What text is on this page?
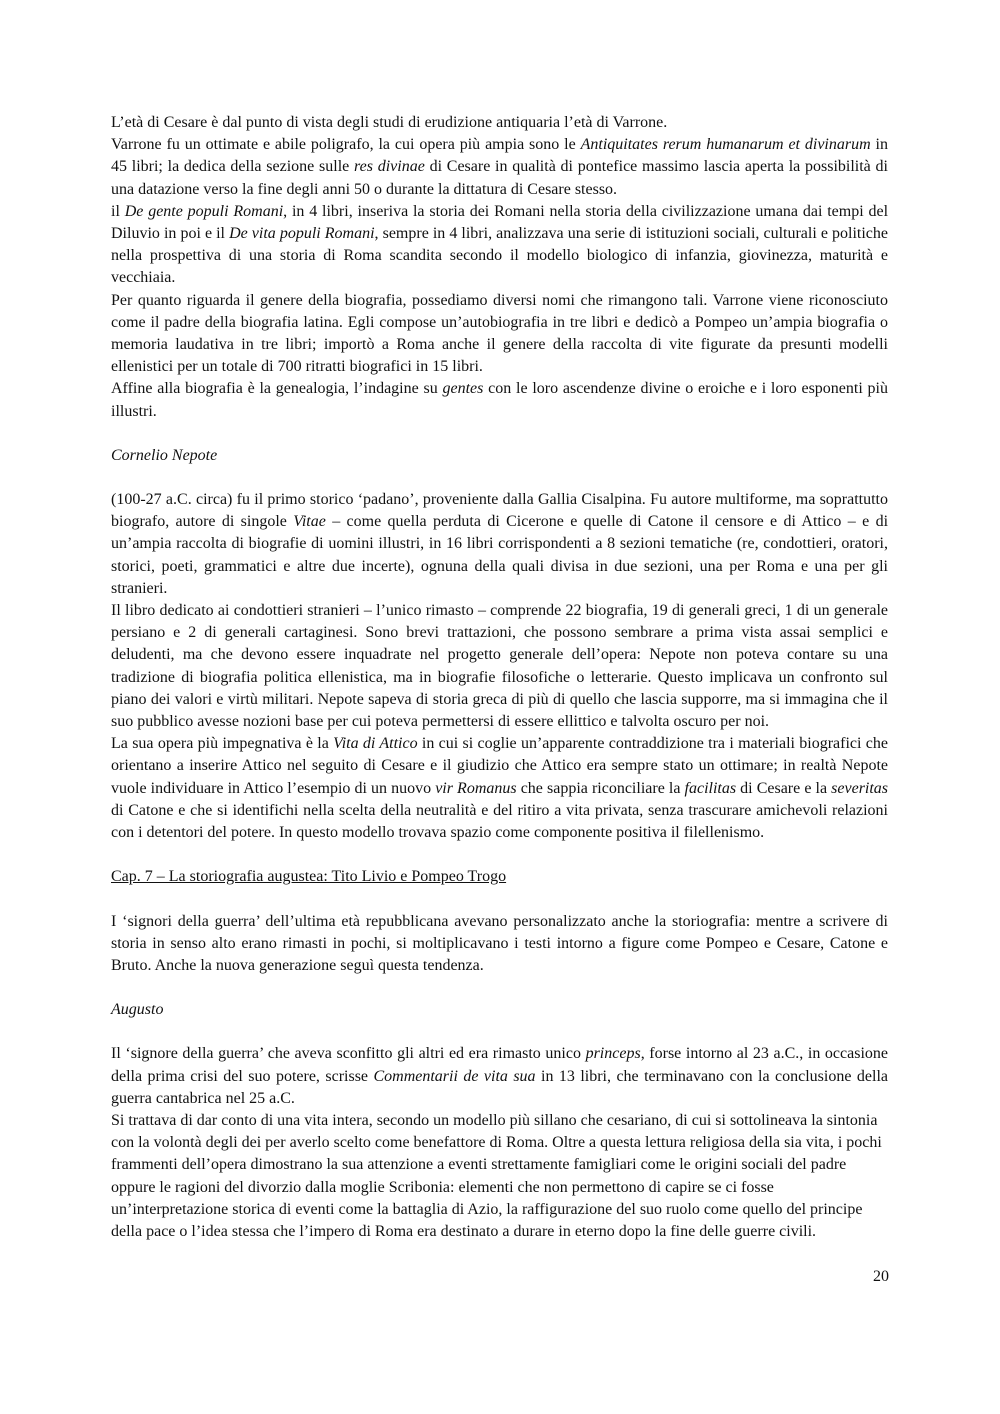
L’età di Cesare è dal punto di vista degli studi di erudizione antiquaria l’età di Varrone.

Varrone fu un ottimate e abile poligrafo, la cui opera più ampia sono le Antiquitates rerum humanarum et divinarum in 45 libri; la dedica della sezione sulle res divinae di Cesare in qualità di pontefice massimo lascia aperta la possibilità di una datazione verso la fine degli anni 50 o durante la dittatura di Cesare stesso.

il De gente populi Romani, in 4 libri, inseriva la storia dei Romani nella storia della civilizzazione umana dai tempi del Diluvio in poi e il De vita populi Romani, sempre in 4 libri, analizzava una serie di istituzioni sociali, culturali e politiche nella prospettiva di una storia di Roma scandita secondo il modello biologico di infanzia, giovinezza, maturità e vecchiaia.

Per quanto riguarda il genere della biografia, possediamo diversi nomi che rimangono tali. Varrone viene riconosciuto come il padre della biografia latina. Egli compose un’autobiografia in tre libri e dedicò a Pompeo un’ampia biografia o memoria laudativa in tre libri; importò a Roma anche il genere della raccolta di vite figurate da presunti modelli ellenistici per un totale di 700 ritratti biografici in 15 libri.

Affine alla biografia è la genealogia, l’indagine su gentes con le loro ascendenze divine o eroiche e i loro esponenti più illustri.

Cornelio Nepote

(100-27 a.C. circa) fu il primo storico ‘padano’, proveniente dalla Gallia Cisalpina. Fu autore multiforme, ma soprattutto biografo, autore di singole Vitae – come quella perduta di Cicerone e quelle di Catone il censore e di Attico – e di un’ampia raccolta di biografie di uomini illustri, in 16 libri corrispondenti a 8 sezioni tematiche (re, condottieri, oratori, storici, poeti, grammatici e altre due incerte), ognuna della quali divisa in due sezioni, una per Roma e una per gli stranieri.

Il libro dedicato ai condottieri stranieri – l’unico rimasto – comprende 22 biografia, 19 di generali greci, 1 di un generale persiano e 2 di generali cartaginesi. Sono brevi trattazioni, che possono sembrare a prima vista assai semplici e deludenti, ma che devono essere inquadrate nel progetto generale dell’opera: Nepote non poteva contare su una tradizione di biografia politica ellenistica, ma in biografie filosofiche o letterarie. Questo implicava un confronto sul piano dei valori e virtù militari. Nepote sapeva di storia greca di più di quello che lascia supporre, ma si immagina che il suo pubblico avesse nozioni base per cui poteva permettersi di essere ellittico e talvolta oscuro per noi.

La sua opera più impegnativa è la Vita di Attico in cui si coglie un’apparente contraddizione tra i materiali biografici che orientano a inserire Attico nel seguito di Cesare e il giudizio che Attico era sempre stato un ottimare; in realtà Nepote vuole individuare in Attico l’esempio di un nuovo vir Romanus che sappia riconciliare la facilitas di Cesare e la severitas di Catone e che si identifichi nella scelta della neutralità e del ritiro a vita privata, senza trascurare amichevoli relazioni con i detentori del potere. In questo modello trovava spazio come componente positiva il filellenismo.

Cap. 7 – La storiografia augustea: Tito Livio e Pompeo Trogo

I ‘signori della guerra’ dell’ultima età repubblicana avevano personalizzato anche la storiografia: mentre a scrivere di storia in senso alto erano rimasti in pochi, si moltiplicavano i testi intorno a figure come Pompeo e Cesare, Catone e Bruto. Anche la nuova generazione seguì questa tendenza.

Augusto

Il ‘signore della guerra’ che aveva sconfitto gli altri ed era rimasto unico princeps, forse intorno al 23 a.C., in occasione della prima crisi del suo potere, scrisse Commentarii de vita sua in 13 libri, che terminavano con la conclusione della guerra cantabrica nel 25 a.C.

Si trattava di dar conto di una vita intera, secondo un modello più sillano che cesariano, di cui si sottolineava la sintonia con la volontà degli dei per averlo scelto come benefattore di Roma. Oltre a questa lettura religiosa della sia vita, i pochi frammenti dell’opera dimostrano la sua attenzione a eventi strettamente famigliari come le origini sociali del padre oppure le ragioni del divorzio dalla moglie Scribonia: elementi che non permettono di capire se ci fosse un’interpretazione storica di eventi come la battaglia di Azio, la raffigurazione del suo ruolo come quello del principe della pace o l’idea stessa che l’impero di Roma era destinato a durare in eterno dopo la fine delle guerre civili.

20
